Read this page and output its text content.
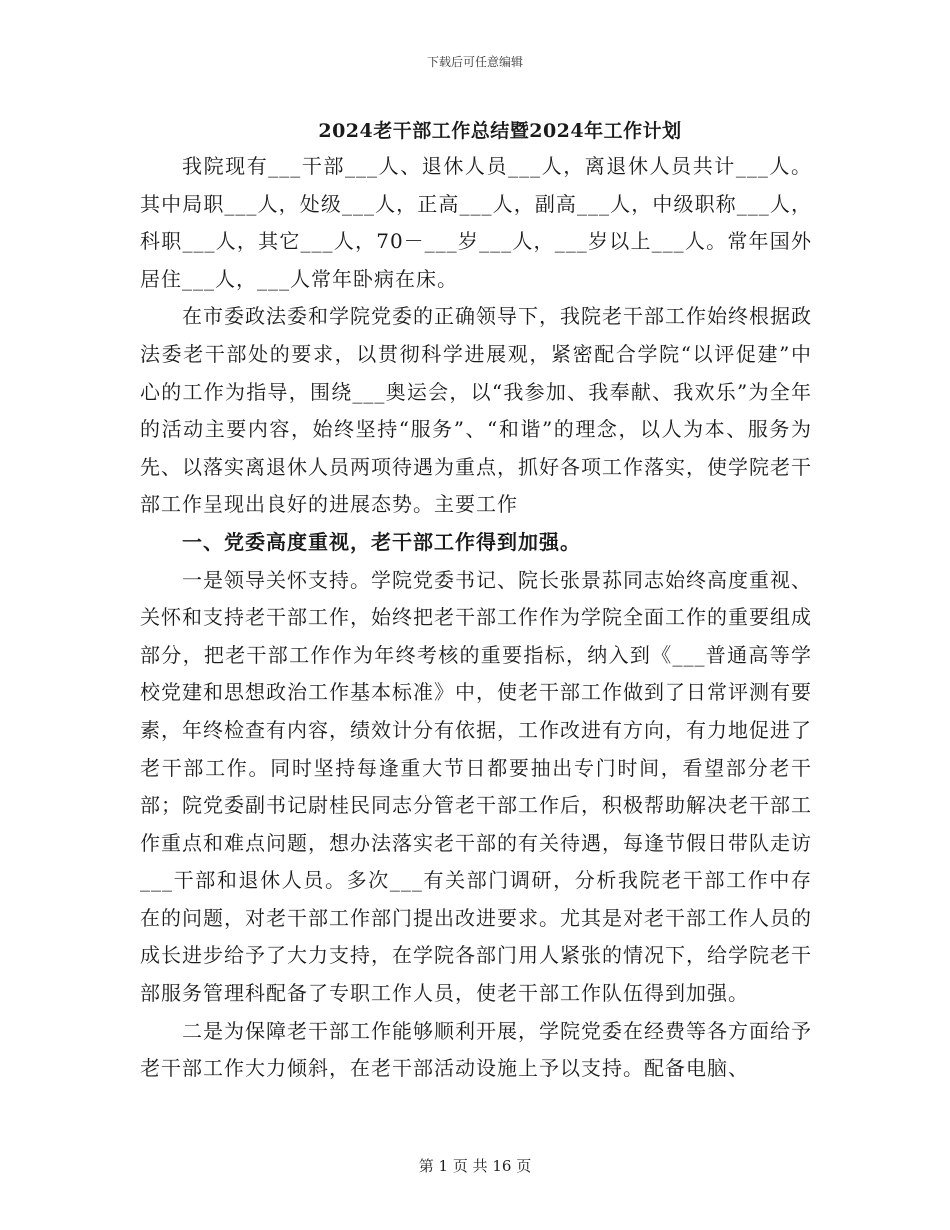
下载后可任意编辑
2024老干部工作总结暨2024年工作计划

我院现有___干部___人、退休人员___人，离退休人员共计___人。其中局职___人，处级___人，正高___人，副高___人，中级职称___人，科职___人，其它___人，70－___岁___人，___岁以上___人。常年国外居住___人，___人常年卧病在床。

在市委政法委和学院党委的正确领导下，我院老干部工作始终根据政法委老干部处的要求，以贯彻科学进展观，紧密配合学院“以评促建”中心的工作为指导，围绕___奥运会，以“我参加、我奉献、我欢乐”为全年的活动主要内容，始终坚持“服务”、“和谐”的理念，以人为本、服务为先、以落实离退休人员两项待遇为重点，抓好各项工作落实，使学院老干部工作呈现出良好的进展态势。主要工作

一、党委高度重视，老干部工作得到加强。

一是领导关怀支持。学院党委书记、院长张景荪同志始终高度重视、关怀和支持老干部工作，始终把老干部工作作为学院全面工作的重要组成部分，把老干部工作作为年终考核的重要指标，纳入到《___普通高等学校党建和思想政治工作基本标准》中，使老干部工作做到了日常评测有要素，年终检查有内容，绩效计分有依据，工作改进有方向，有力地促进了老干部工作。同时坚持每逢重大节日都要抽出专门时间，看望部分老干部；院党委副书记尉桂民同志分管老干部工作后，积极帮助解决老干部工作重点和难点问题，想办法落实老干部的有关待遇，每逢节假日带队走访___干部和退休人员。多次___有关部门调研，分析我院老干部工作中存在的问题，对老干部工作部门提出改进要求。尤其是对老干部工作人员的成长进步给予了大力支持，在学院各部门用人紧张的情况下，给学院老干部服务管理科配备了专职工作人员，使老干部工作队伍得到加强。

二是为保障老干部工作能够顺利开展，学院党委在经费等各方面给予老干部工作大力倾斜，在老干部活动设施上予以支持。配备电脑、

第 1 页 共 16 页
